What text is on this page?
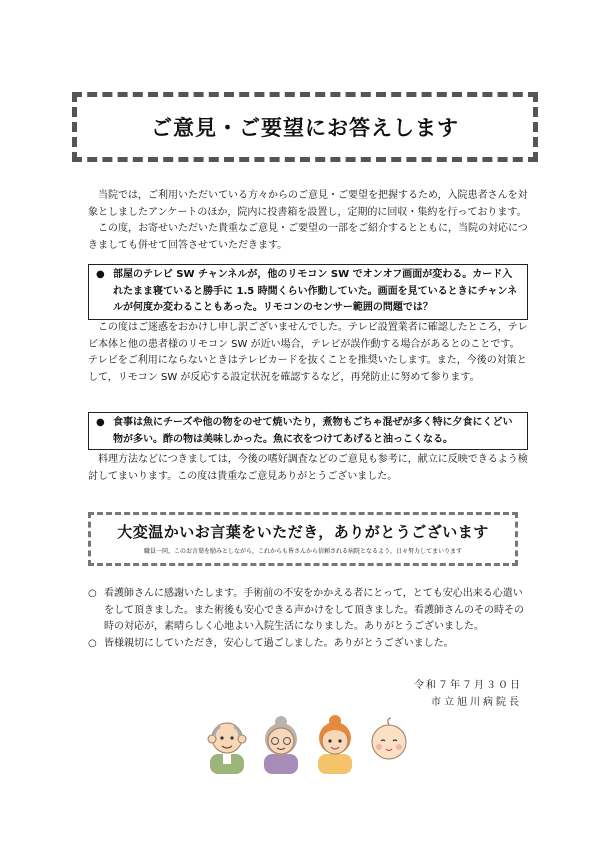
ご意見・ご要望にお答えします
当院では，ご利用いただいている方々からのご意見・ご要望を把握するため，入院患者さんを対象としましたアンケートのほか，院内に投書箱を設置し，定期的に回収・集約を行っております。
この度，お寄せいただいた貴重なご意見・ご要望の一部をご紹介するとともに，当院の対応につきましても併せて回答させていただきます。
● 部屋のテレビ SW チャンネルが，他のリモコン SW でオンオフ画面が変わる。カード入れたまま寝ていると勝手に 1.5 時間くらい作動していた。画面を見ているときにチャンネルが何度か変わることもあった。リモコンのセンサー範囲の問題では？
この度はご迷惑をおかけし申し訳ございませんでした。テレビ設置業者に確認したところ，テレビ本体と他の患者様のリモコン SW が近い場合，テレビが誤作動する場合があるとのことです。テレビをご利用にならないときはテレビカードを抜くことを推奨いたします。また，今後の対策として，リモコン SW が反応する設定状況を確認するなど，再発防止に努めて参ります。
● 食事は魚にチーズや他の物をのせて焼いたり，煮物もごちゃ混ぜが多く特に夕食にくどい物が多い。酢の物は美味しかった。魚に衣をつけてあげると油っこくなる。
料理方法などにつきましては，今後の嗜好調査などのご意見も参考に，献立に反映できるよう検討してまいります。この度は貴重なご意見ありがとうございました。
大変温かいお言葉をいただき，ありがとうございます
職員一同，このお言葉を励みとしながら，これからも皆さんから信頼される病院となるよう，日々努力してまいります
○ 看護師さんに感謝いたします。手術前の不安をかかえる者にとって，とても安心出来る心遣いをして頂きました。また術後も安心できる声かけをして頂きました。看護師さんのその時その時の対応が，素晴らしく心地よい入院生活になりました。ありがとうございました。
○ 皆様親切にしていただき，安心して過ごしました。ありがとうございました。
令和７年７月３０日
市立旭川病院長
